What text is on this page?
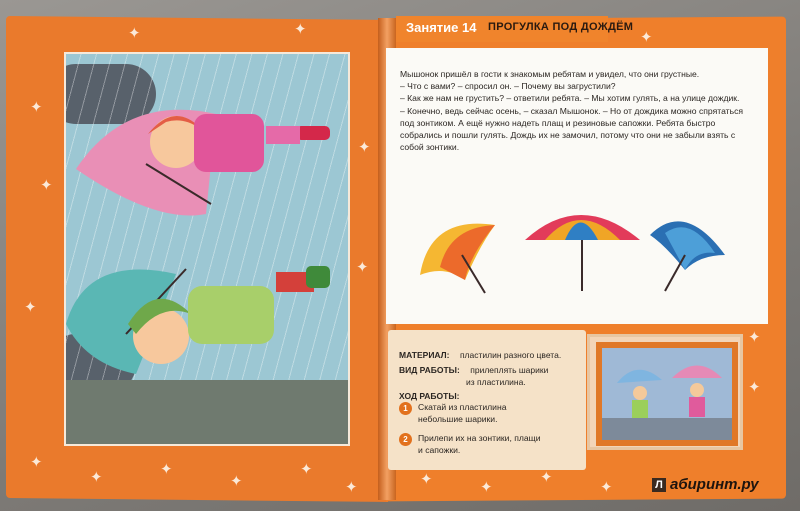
✦	✦
✦
✦
✦
✦
✦
✦
✦	✦
✦
✦
✦
Занятие 14 ПРОГУЛКА ПОД ДОЖДЁМ
✦
✦
✦

Мышонок пришёл в гости к знакомым ребятам и увидел, что они грустные.

– Что с вами? – спросил он. – Почему вы загрустили?

– Как же нам не грустить? – ответили ребята. – Мы хотим гулять, а на улице дождик.

– Конечно, ведь сейчас осень, – сказал Мышонок. – Но от дождика можно спрятаться под зонтиком. А ещё нужно надеть плащ и резиновые сапожки. Ребята быстро собрались и пошли гулять. Дождь их не замочил, потому что они не забыли взять с собой зонтики.

МАТЕРИАЛ: пластилин разного цвета.
ВИД РАБОТЫ: прилеплять шарики
из пластилина.
ХОД РАБОТЫ:
1	Скатай из пластилина
небольшие шарики.
2	Прилепи их на зонтики, плащи
и сапожки.
✦	✦
✦
✦	Л абиринт.ру
